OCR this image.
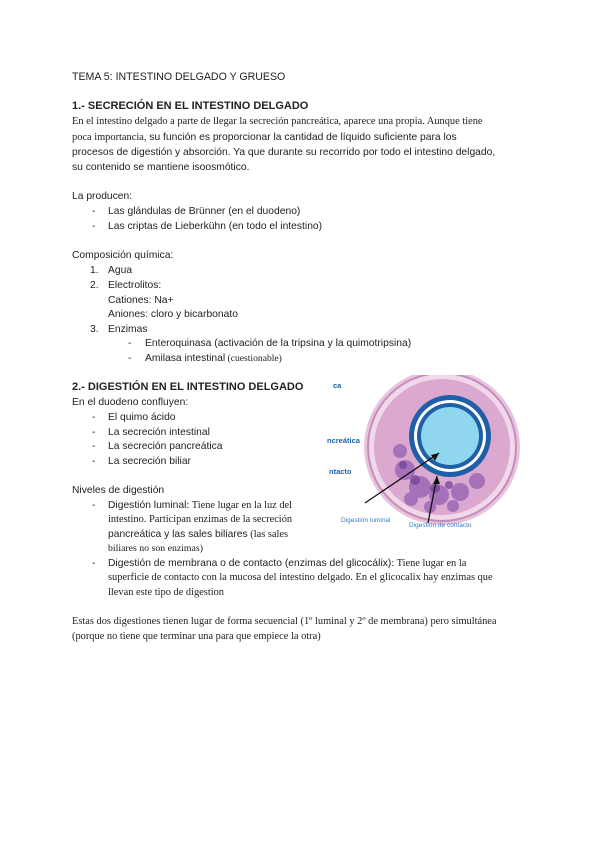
TEMA 5: INTESTINO DELGADO Y GRUESO
1.- SECRECIÓN EN EL INTESTINO DELGADO
En el intestino delgado a parte de llegar la secreción pancreática, aparece una propia. Aunque tiene
poca importancia, su función es proporcionar la cantidad de líquido suficiente para los
procesos de digestión y absorción. Ya que durante su recorrido por todo el intestino delgado,
su contenido se mantiene isoosmótico.
La producen:
- Las glándulas de Brünner (en el duodeno)
- Las criptas de Lieberkühn (en todo el intestino)
Composición química:
1. Agua
2. Electrolitos:
Cationes: Na+
Aniones: cloro y bicarbonato
3. Enzimas
- Enteroquinasa (activación de la tripsina y la quimotripsina)
- Amilasa intestinal (cuestionable)
2.- DIGESTIÓN EN EL INTESTINO DELGADO
En el duodeno confluyen:
- El quimo ácido
- La secreción intestinal
- La secreción pancreática
- La secreción biliar
Niveles de digestión
- Digestión luminal: Tiene lugar en la luz del
intestino. Participan enzimas de la secreción
pancreática y las sales biliares (las sales
biliares no son enzimas)
- Digestión de membrana o de contacto (enzimas del glicocálix): Tiene lugar en la
superficie de contacto con la mucosa del intestino delgado. En el glicocalix hay enzimas que
llevan este tipo de digestion
Estas dos digestiones tienen lugar de forma secuencial (1º luminal y 2º de membrana) pero simultánea
(porque no tiene que terminar una para que empiece la otra)
ca
ncreática
ntacto
Digestión luminal
Digestión de contacto
